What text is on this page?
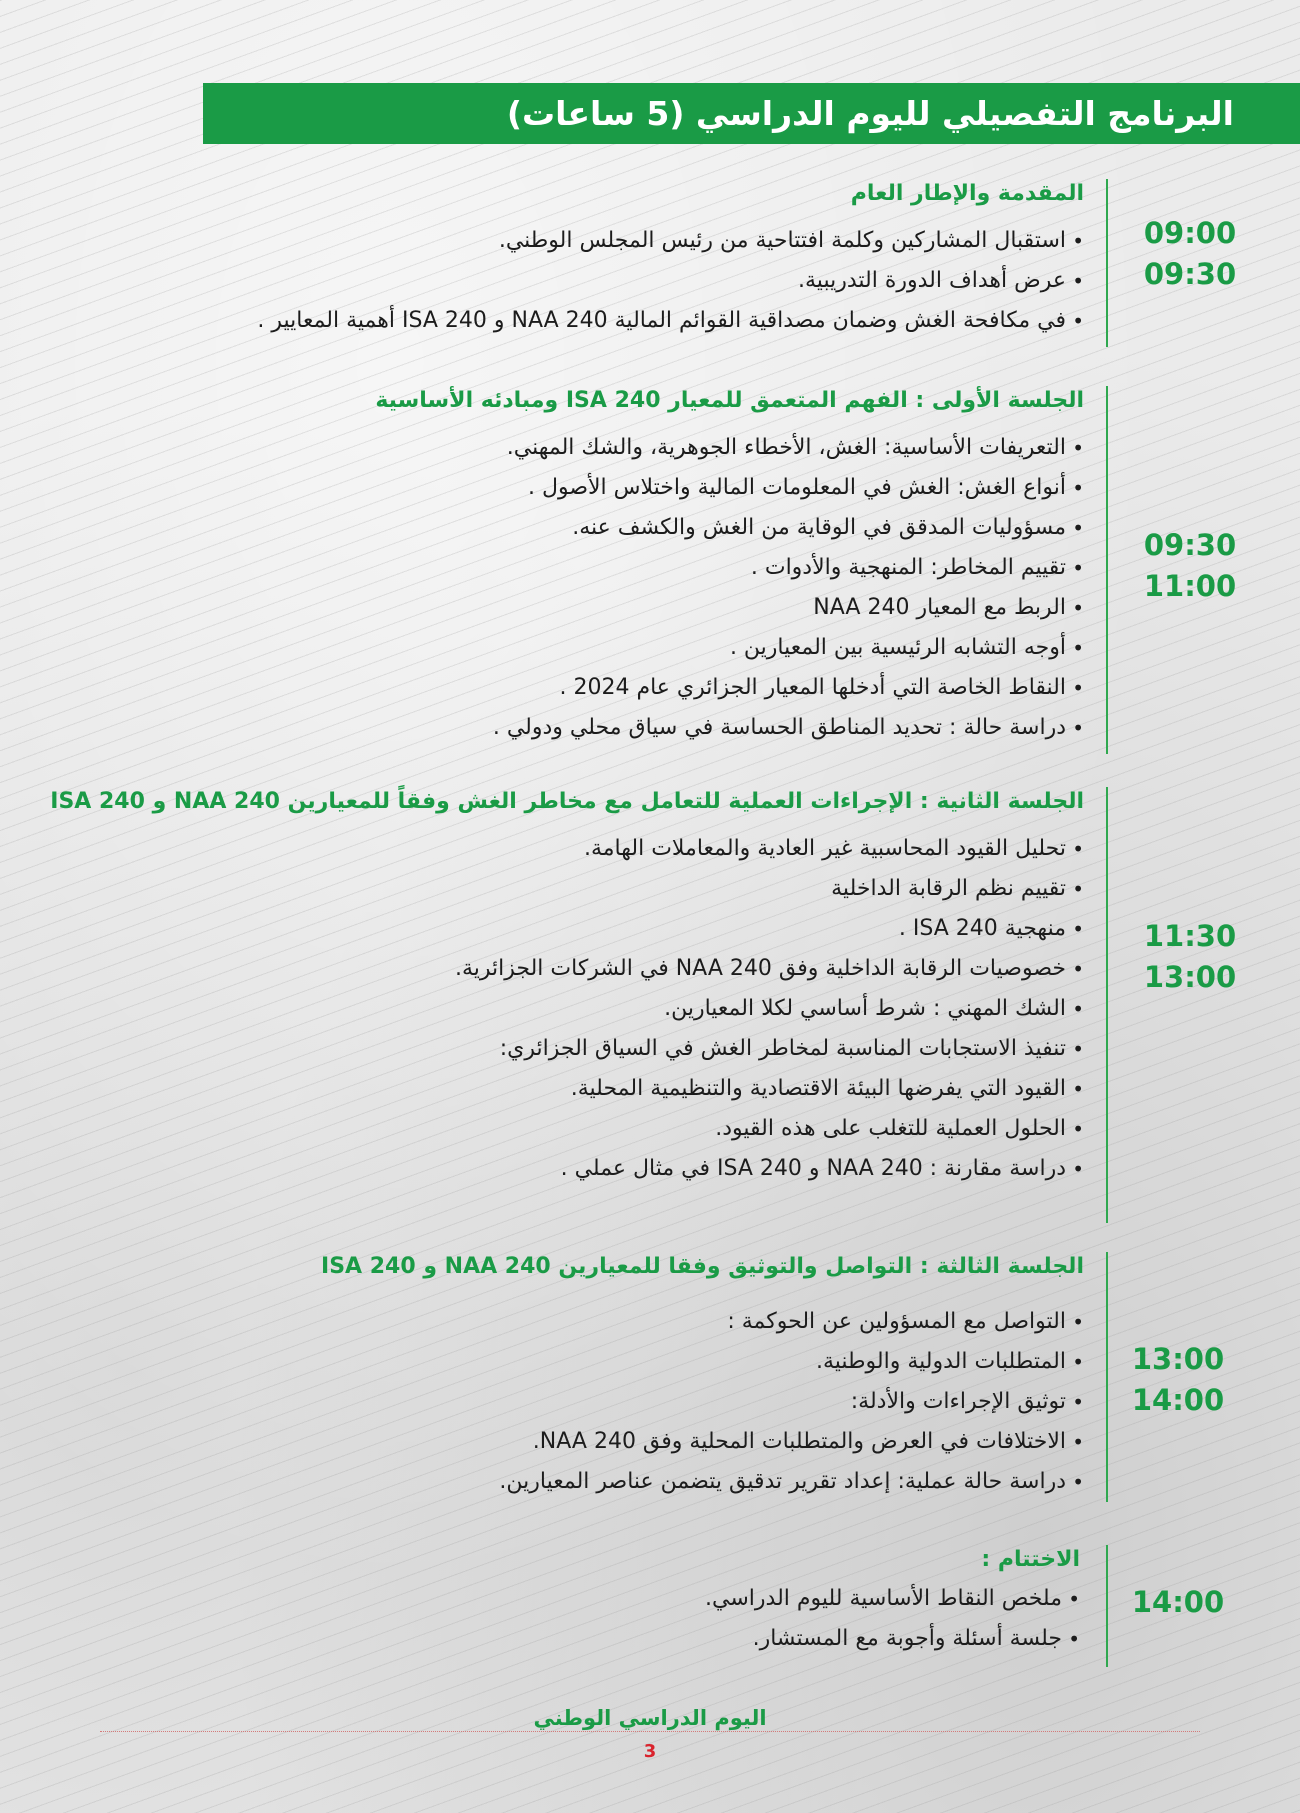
البرنامج التفصيلي لليوم الدراسي (5 ساعات)
09:00
09:30
المقدمة والإطار العام
•
استقبال المشاركين وكلمة افتتاحية من رئيس المجلس الوطني.
•
عرض أهداف الدورة التدريبية.
•
في مكافحة الغش وضمان مصداقية القوائم المالية NAA 240 و ISA 240 أهمية المعايير .
09:30
11:00
الجلسة الأولى : الفهم المتعمق للمعيار ISA 240 ومبادئه الأساسية
•
التعريفات الأساسية: الغش، الأخطاء الجوهرية، والشك المهني.
•
أنواع الغش: الغش في المعلومات المالية واختلاس الأصول .
•
مسؤوليات المدقق في الوقاية من الغش والكشف عنه.
•
تقييم المخاطر: المنهجية والأدوات .
•
الربط مع المعيار NAA 240
•
أوجه التشابه الرئيسية بين المعيارين .
•
النقاط الخاصة التي أدخلها المعيار الجزائري عام 2024 .
•
دراسة حالة : تحديد المناطق الحساسة في سياق محلي ودولي .
11:30
13:00
الجلسة الثانية : الإجراءات العملية للتعامل مع مخاطر الغش وفقاً للمعيارين NAA 240 و ISA 240
•
تحليل القيود المحاسبية غير العادية والمعاملات الهامة.
•
تقييم نظم الرقابة الداخلية
•
منهجية ISA 240 .
•
خصوصيات الرقابة الداخلية وفق NAA 240 في الشركات الجزائرية.
•
الشك المهني : شرط أساسي لكلا المعيارين.
•
تنفيذ الاستجابات المناسبة لمخاطر الغش في السياق الجزائري:
•
القيود التي يفرضها البيئة الاقتصادية والتنظيمية المحلية.
•
الحلول العملية للتغلب على هذه القيود.
•
دراسة مقارنة : NAA 240 و ISA 240 في مثال عملي .
13:00
14:00
الجلسة الثالثة : التواصل والتوثيق وفقا للمعيارين NAA 240 و ISA 240
•
التواصل مع المسؤولين عن الحوكمة :
•
المتطلبات الدولية والوطنية.
•
توثيق الإجراءات والأدلة:
•
الاختلافات في العرض والمتطلبات المحلية وفق NAA 240.
•
دراسة حالة عملية: إعداد تقرير تدقيق يتضمن عناصر المعيارين.
14:00
الاختتام :
•
ملخص النقاط الأساسية لليوم الدراسي.
•
جلسة أسئلة وأجوبة مع المستشار.
اليوم الدراسي الوطني
3
